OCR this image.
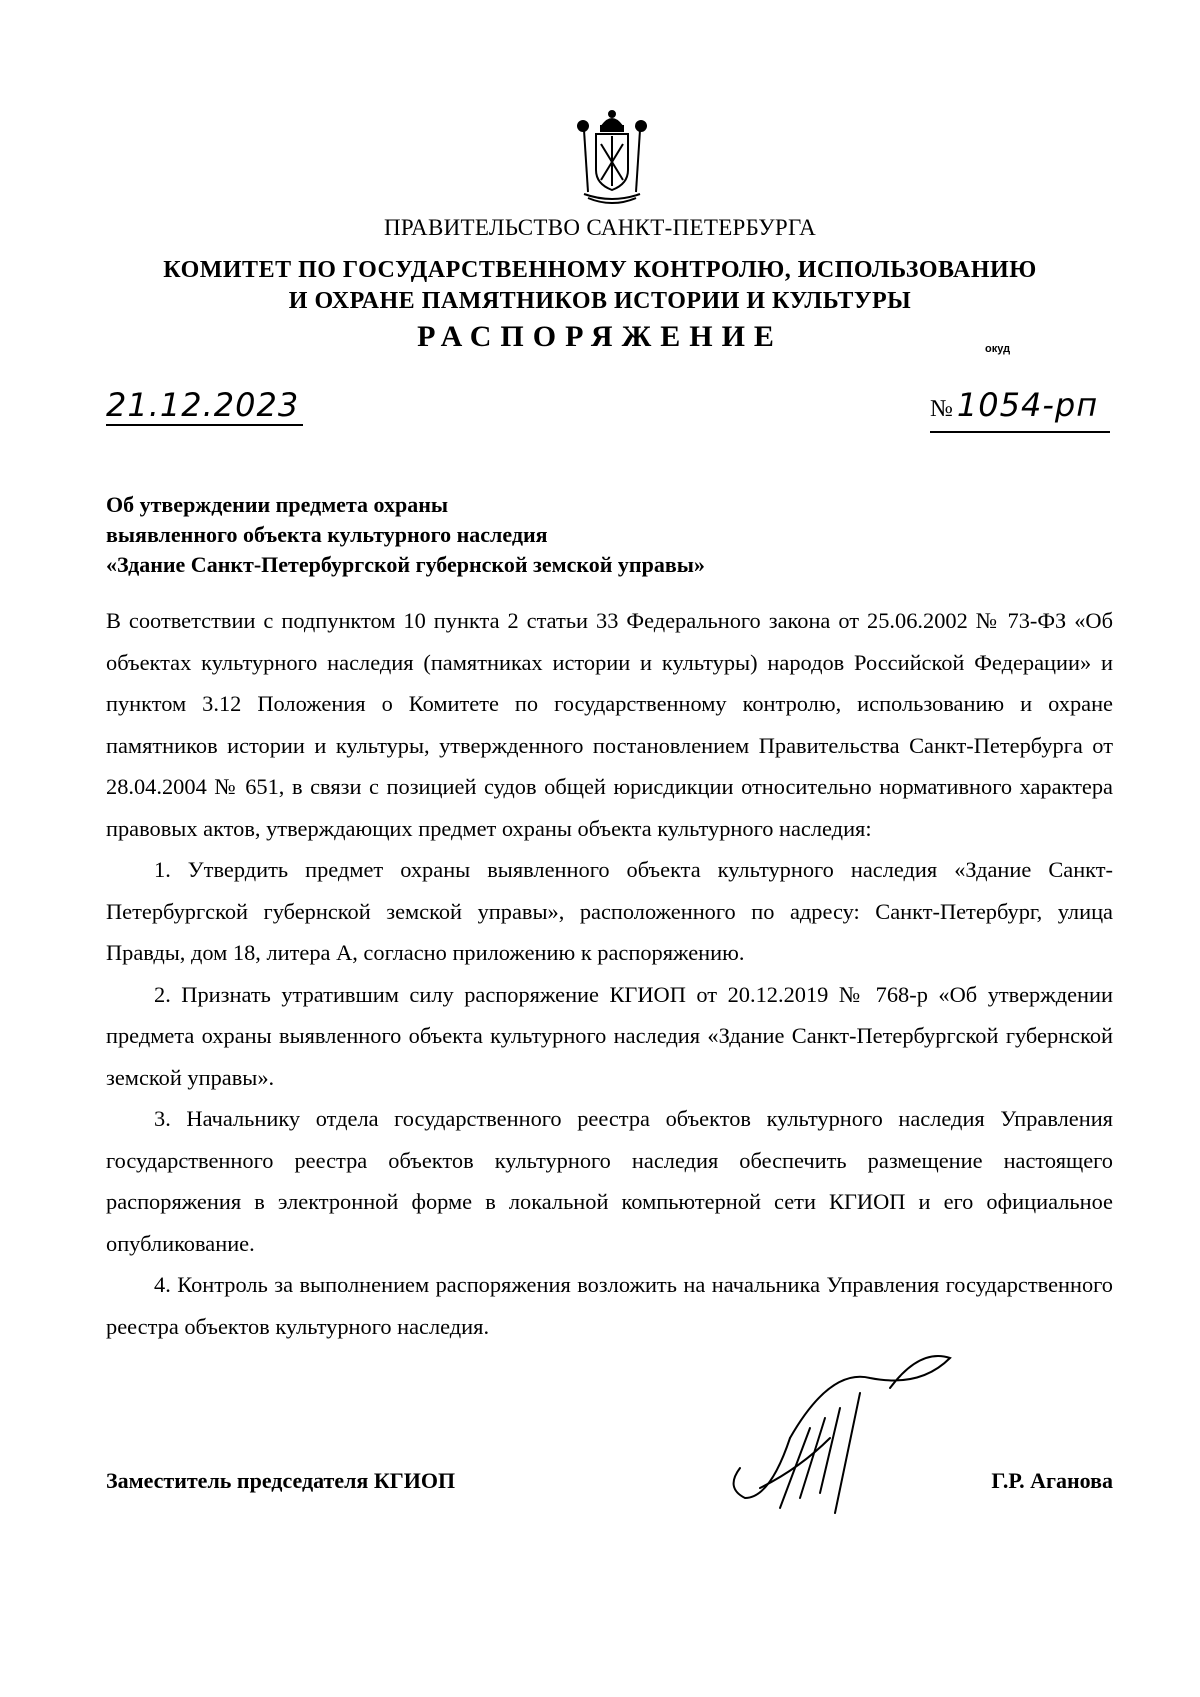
ПРАВИТЕЛЬСТВО САНКТ-ПЕТЕРБУРГА
КОМИТЕТ ПО ГОСУДАРСТВЕННОМУ КОНТРОЛЮ, ИСПОЛЬЗОВАНИЮ
И ОХРАНЕ ПАМЯТНИКОВ ИСТОРИИ И КУЛЬТУРЫ
РАСПОРЯЖЕНИЕ	окуд
21.12.2023	№ 1054-рп
Об утверждении предмета охраны
выявленного объекта культурного наследия
«Здание Санкт-Петербургской губернской земской управы»

В соответствии с подпунктом 10 пункта 2 статьи 33 Федерального закона от 25.06.2002 № 73-ФЗ «Об объектах культурного наследия (памятниках истории и культуры) народов Российской Федерации» и пунктом 3.12 Положения о Комитете по государственному контролю, использованию и охране памятников истории и культуры, утвержденного постановлением Правительства Санкт-Петербурга от 28.04.2004 № 651, в связи с позицией судов общей юрисдикции относительно нормативного характера правовых актов, утверждающих предмет охраны объекта культурного наследия:

1. Утвердить предмет охраны выявленного объекта культурного наследия «Здание Санкт-Петербургской губернской земской управы», расположенного по адресу: Санкт-Петербург, улица Правды, дом 18, литера А, согласно приложению к распоряжению.

2. Признать утратившим силу распоряжение КГИОП от 20.12.2019 № 768-р «Об утверждении предмета охраны выявленного объекта культурного наследия «Здание Санкт-Петербургской губернской земской управы».

3. Начальнику отдела государственного реестра объектов культурного наследия Управления государственного реестра объектов культурного наследия обеспечить размещение настоящего распоряжения в электронной форме в локальной компьютерной сети КГИОП и его официальное опубликование.

4. Контроль за выполнением распоряжения возложить на начальника Управления государственного реестра объектов культурного наследия.

Заместитель председателя КГИОП	Г.Р. Агaнова
